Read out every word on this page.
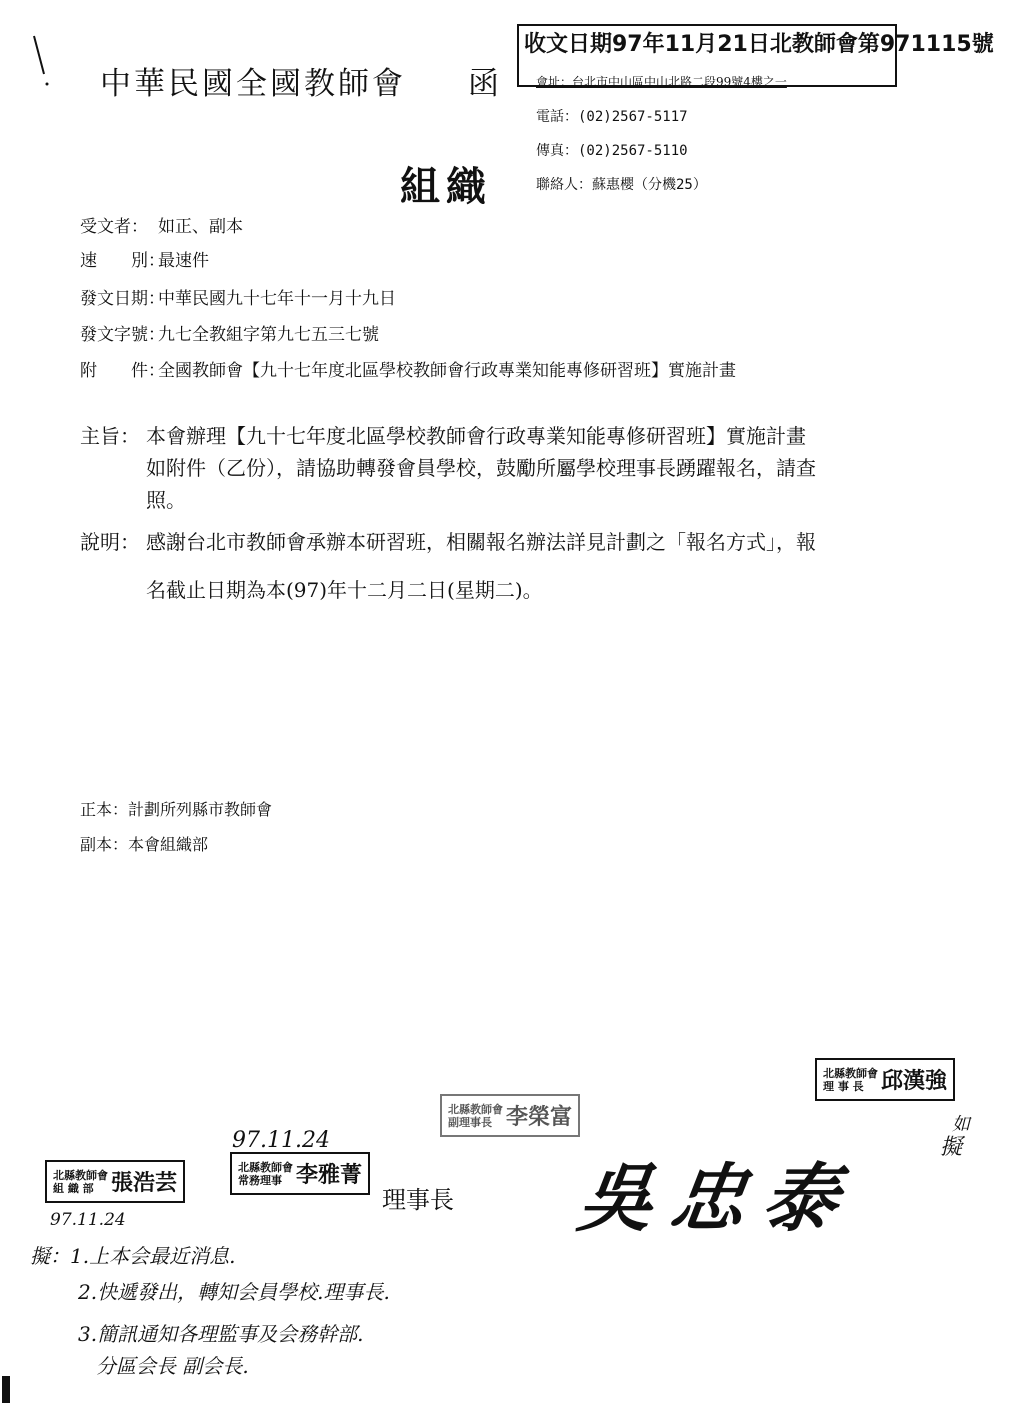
中華民國全國教師會 函
收文日期97年11月21日北教師會第971115號
會址：台北市中山區中山北路二段99號4樓之一
電話：(02)2567-5117
傳真：(02)2567-5110
聯絡人：蘇惠櫻（分機25）
組織
受文者： 如正、副本
速　　別：最速件
發文日期：中華民國九十七年十一月十九日
發文字號：九七全教組字第九七五三七號
附　　件：全國教師會【九十七年度北區學校教師會行政專業知能專修研習班】實施計畫
主旨： 本會辦理【九十七年度北區學校教師會行政專業知能專修研習班】實施計畫
如附件（乙份），請協助轉發會員學校，鼓勵所屬學校理事長踴躍報名，請查
照。
說明： 感謝台北市教師會承辦本研習班，相關報名辦法詳見計劃之「報名方式」，報
名截止日期為本(97)年十二月二日(星期二)。
正本：計劃所列縣市教師會
副本：本會組織部
北縣教師會
理 事 長 邱漢強
北縣教師會
副理事長 李榮富
北縣教師會
組 織 部 張浩芸
北縣教師會
常務理事 李雅菁
理事長 吳忠泰
97.11.24
97.11.24
如
擬
擬：1.上本会最近消息.
2.快遞發出，轉知会員學校.理事長.
3.簡訊通知各理監事及会務幹部.
分區会長 副会長.
